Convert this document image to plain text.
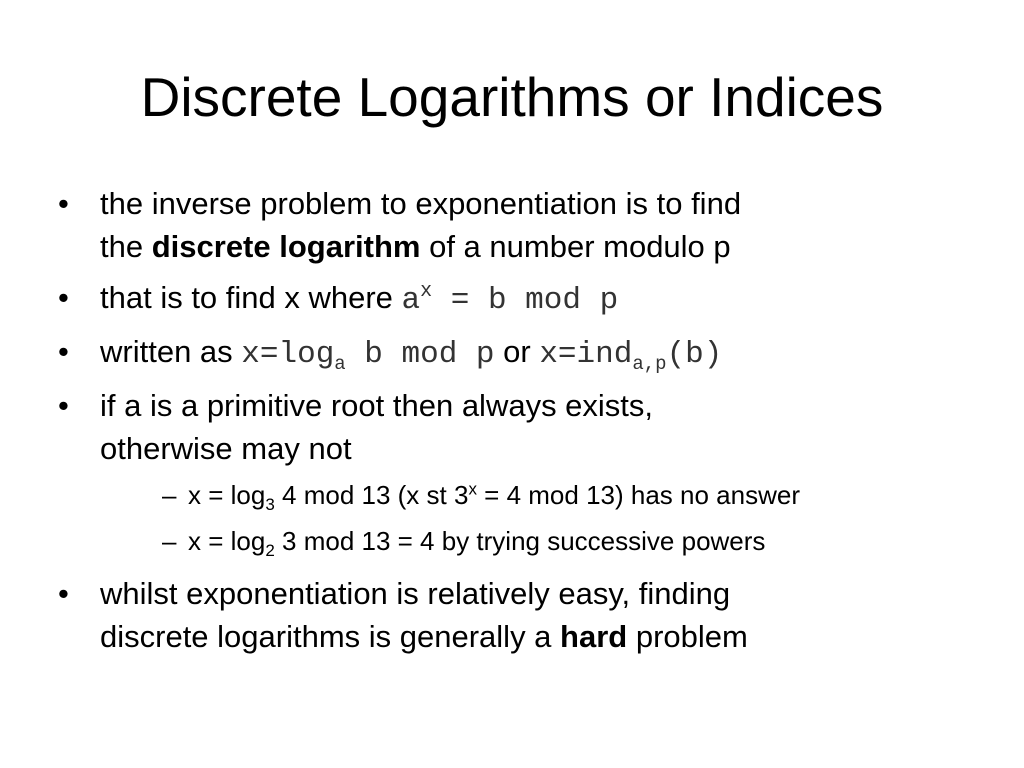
Discrete Logarithms or Indices
• the inverse problem to exponentiation is to find
the discrete logarithm of a number modulo p
• that is to find x where $a^x = b$ mod p
• written as $x=\log_a$ b mod p or x=ind$_{a,p}$(b)
• if a is a primitive root then always exists,
otherwise may not
– $x = \log_3 4$ mod 13 (x st $3^x = 4$ mod 13) has no answer
– $x = \log_2 3$ mod 13 = 4 by trying successive powers
• whilst exponentiation is relatively easy, finding
discrete logarithms is generally a hard problem
